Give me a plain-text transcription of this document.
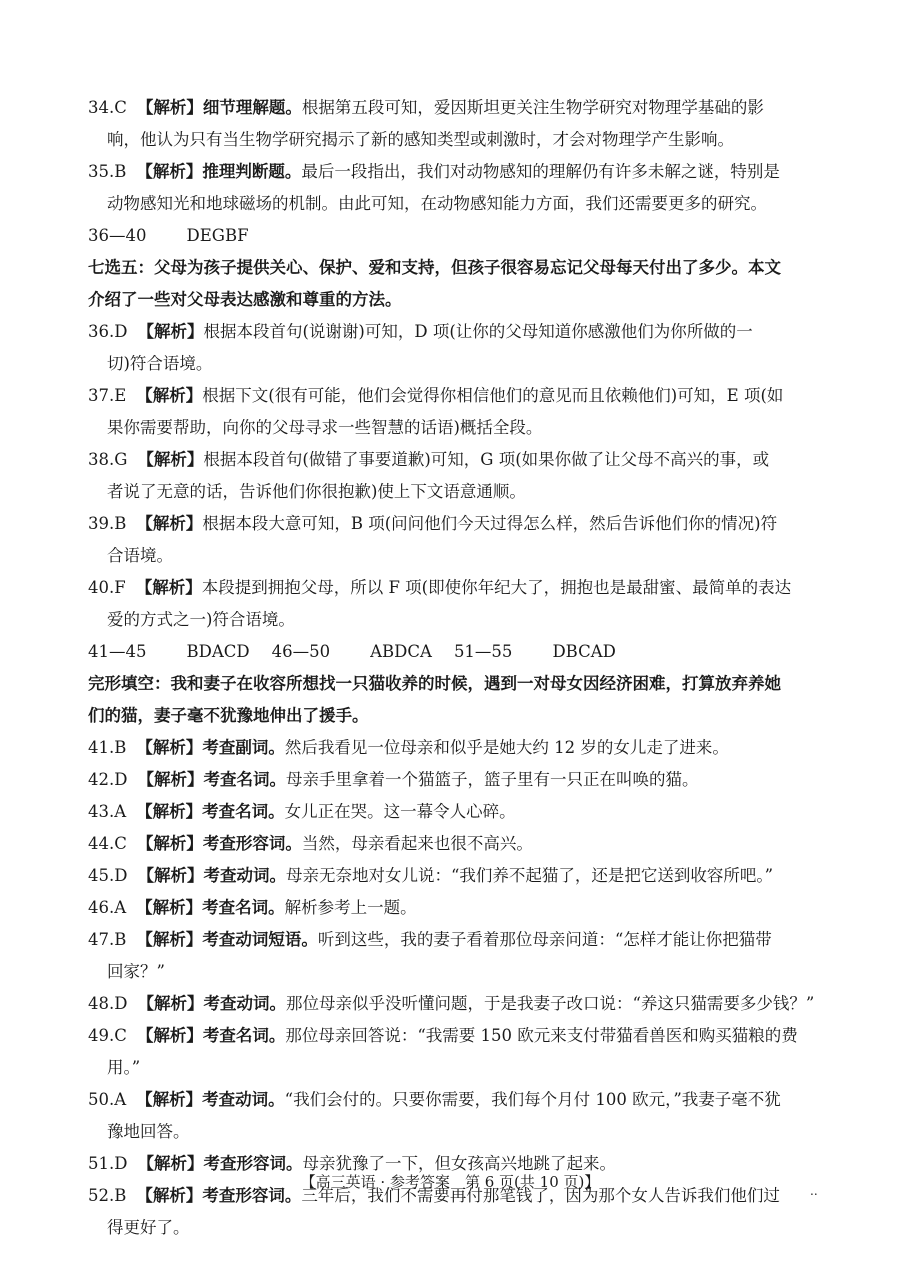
34.C 【解析】细节理解题。根据第五段可知，爱因斯坦更关注生物学研究对物理学基础的影
响，他认为只有当生物学研究揭示了新的感知类型或刺激时，才会对物理学产生影响。
35.B 【解析】推理判断题。最后一段指出，我们对动物感知的理解仍有许多未解之谜，特别是
动物感知光和地球磁场的机制。由此可知，在动物感知能力方面，我们还需要更多的研究。
36—40 DEGBF
七选五：父母为孩子提供关心、保护、爱和支持，但孩子很容易忘记父母每天付出了多少。本文
介绍了一些对父母表达感激和尊重的方法。
36.D 【解析】根据本段首句(说谢谢)可知，D 项(让你的父母知道你感激他们为你所做的一
切)符合语境。
37.E 【解析】根据下文(很有可能，他们会觉得你相信他们的意见而且依赖他们)可知，E 项(如
果你需要帮助，向你的父母寻求一些智慧的话语)概括全段。
38.G 【解析】根据本段首句(做错了事要道歉)可知，G 项(如果你做了让父母不高兴的事，或
者说了无意的话，告诉他们你很抱歉)使上下文语意通顺。
39.B 【解析】根据本段大意可知，B 项(问问他们今天过得怎么样，然后告诉他们你的情况)符
合语境。
40.F 【解析】本段提到拥抱父母，所以 F 项(即使你年纪大了，拥抱也是最甜蜜、最简单的表达
爱的方式之一)符合语境。
41—45 BDACD 46—50 ABDCA 51—55 DBCAD
完形填空：我和妻子在收容所想找一只猫收养的时候，遇到一对母女因经济困难，打算放弃养她
们的猫，妻子毫不犹豫地伸出了援手。
41.B 【解析】考查副词。然后我看见一位母亲和似乎是她大约 12 岁的女儿走了进来。
42.D 【解析】考查名词。母亲手里拿着一个猫篮子，篮子里有一只正在叫唤的猫。
43.A 【解析】考查名词。女儿正在哭。这一幕令人心碎。
44.C 【解析】考查形容词。当然，母亲看起来也很不高兴。
45.D 【解析】考查动词。母亲无奈地对女儿说：“我们养不起猫了，还是把它送到收容所吧。”
46.A 【解析】考查名词。解析参考上一题。
47.B 【解析】考查动词短语。听到这些，我的妻子看着那位母亲问道：“怎样才能让你把猫带
回家？”
48.D 【解析】考查动词。那位母亲似乎没听懂问题，于是我妻子改口说：“养这只猫需要多少钱？”
49.C 【解析】考查名词。那位母亲回答说：“我需要 150 欧元来支付带猫看兽医和购买猫粮的费
用。”
50.A 【解析】考查动词。“我们会付的。只要你需要，我们每个月付 100 欧元，”我妻子毫不犹
豫地回答。
51.D 【解析】考查形容词。母亲犹豫了一下，但女孩高兴地跳了起来。
52.B 【解析】考查形容词。三年后，我们不需要再付那笔钱了，因为那个女人告诉我们他们过
得更好了。
【高三英语 · 参考答案　第 6 页(共 10 页)】	..
